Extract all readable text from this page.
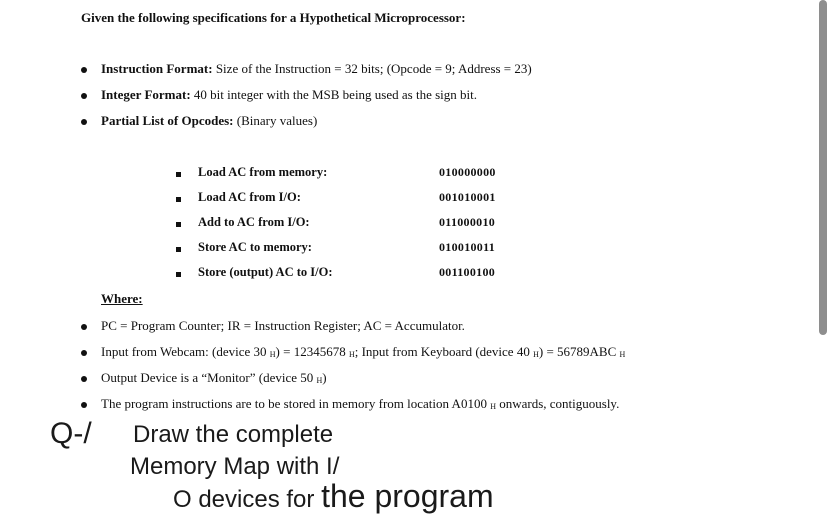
Given the following specifications for a Hypothetical Microprocessor:
Instruction Format: Size of the Instruction = 32 bits; (Opcode = 9; Address = 23)
Integer Format: 40 bit integer with the MSB being used as the sign bit.
Partial List of Opcodes: (Binary values)
Load AC from memory:	010000000
Load AC from I/O:	001010001
Add to AC from I/O:	011000010
Store AC to memory:	010010011
Store (output) AC to I/O:	001100100
Where:
PC = Program Counter; IR = Instruction Register; AC = Accumulator.
Input from Webcam: (device 30 H) = 12345678 H; Input from Keyboard (device 40 H) = 56789ABC H
Output Device is a “Monitor” (device 50 H)
The program instructions are to be stored in memory from location A0100 H onwards, contiguously.
Q-/ Draw the complete
Memory Map with I/
O devices for the program
